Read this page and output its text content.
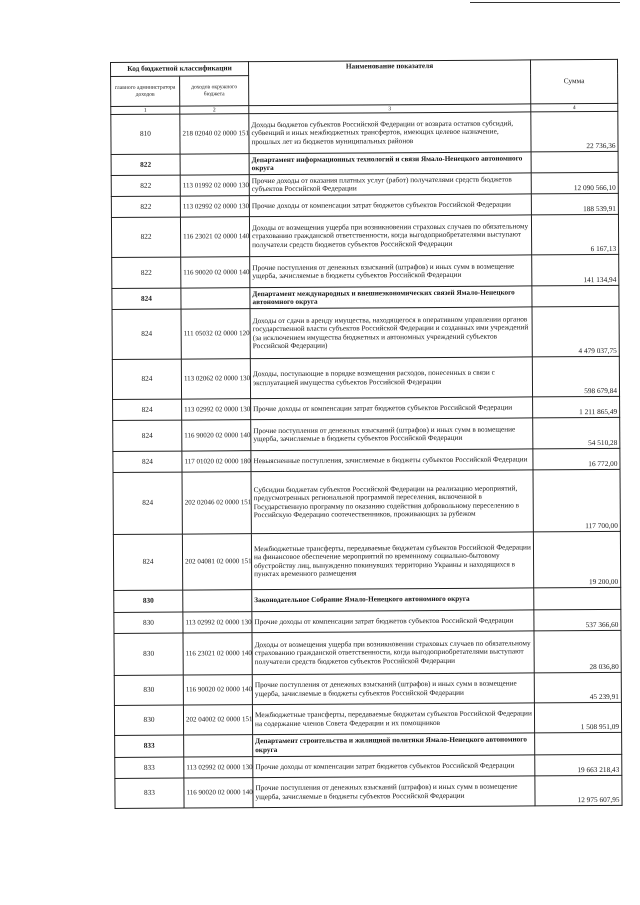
Код бюджетной классификации		Наименование показателя	Сумма
главного администратора доходов	доходов окружного бюджета		
1	2	3	4
810	218 02040 02 0000 151	Доходы бюджетов субъектов Российской Федерации от возврата остатков субсидий, субвенций и иных межбюджетных трансфертов, имеющих целевое назначение, прошлых лет из бюджетов муниципальных районов	22 736,36
822		Департамент информационных технологий и связи Ямало-Ненецкого автономного округа	
822	113 01992 02 0000 130	Прочие доходы от оказания платных услуг (работ) получателями средств бюджетов субъектов Российской Федерации	12 090 566,10
822	113 02992 02 0000 130	Прочие доходы от компенсации затрат бюджетов субъектов Российской Федерации	188 539,91
822	116 23021 02 0000 140	Доходы от возмещения ущерба при возникновении страховых случаев по обязательному страхованию гражданской ответственности, когда выгодоприобретателями выступают получатели средств бюджетов субъектов Российской Федерации	6 167,13
822	116 90020 02 0000 140	Прочие поступления от денежных взысканий (штрафов) и иных сумм в возмещение ущерба, зачисляемые в бюджеты субъектов Российской Федерации	141 134,94
824		Департамент международных и внешнеэкономических связей Ямало-Ненецкого автономного округа	
824	111 05032 02 0000 120	Доходы от сдачи в аренду имущества, находящегося в оперативном управлении органов государственной власти субъектов Российской Федерации и созданных ими учреждений (за исключением имущества бюджетных и автономных учреждений субъектов Российской Федерации)	4 479 037,75
824	113 02062 02 0000 130	Доходы, поступающие в порядке возмещения расходов, понесенных в связи с эксплуатацией имущества субъектов Российской Федерации	598 679,84
824	113 02992 02 0000 130	Прочие доходы от компенсации затрат бюджетов субъектов Российской Федерации	1 211 865,49
824	116 90020 02 0000 140	Прочие поступления от денежных взысканий (штрафов) и иных сумм в возмещение ущерба, зачисляемые в бюджеты субъектов Российской Федерации	54 510,28
824	117 01020 02 0000 180	Невыясненные поступления, зачисляемые в бюджеты субъектов Российской Федерации	16 772,00
824	202 02046 02 0000 151	Субсидии бюджетам субъектов Российской Федерации на реализацию мероприятий, предусмотренных региональной программой переселения, включенной в Государственную программу по оказанию содействия добровольному переселению в Российскую Федерацию соотечественников, проживающих за рубежом	117 700,00
824	202 04081 02 0000 151	Межбюджетные трансферты, передаваемые бюджетам субъектов Российской Федерации на финансовое обеспечение мероприятий по временному социально-бытовому обустройству лиц, вынужденно покинувших территорию Украины и находящихся в пунктах временного размещения	19 200,00
830		Законодательное Собрание Ямало-Ненецкого автономного округа	
830	113 02992 02 0000 130	Прочие доходы от компенсации затрат бюджетов субъектов Российской Федерации	537 366,60
830	116 23021 02 0000 140	Доходы от возмещения ущерба при возникновении страховых случаев по обязательному страхованию гражданской ответственности, когда выгодоприобретателями выступают получатели средств бюджетов субъектов Российской Федерации	28 036,80
830	116 90020 02 0000 140	Прочие поступления от денежных взысканий (штрафов) и иных сумм в возмещение ущерба, зачисляемые в бюджеты субъектов Российской Федерации	45 239,91
830	202 04002 02 0000 151	Межбюджетные трансферты, передаваемые бюджетам субъектов Российской Федерации на содержание членов Совета Федерации и их помощников	1 508 951,09
833		Департамент строительства и жилищной политики Ямало-Ненецкого автономного округа	
833	113 02992 02 0000 130	Прочие доходы от компенсации затрат бюджетов субъектов Российской Федерации	19 663 218,43
833	116 90020 02 0000 140	Прочие поступления от денежных взысканий (штрафов) и иных сумм в возмещение ущерба, зачисляемые в бюджеты субъектов Российской Федерации	12 975 607,95
